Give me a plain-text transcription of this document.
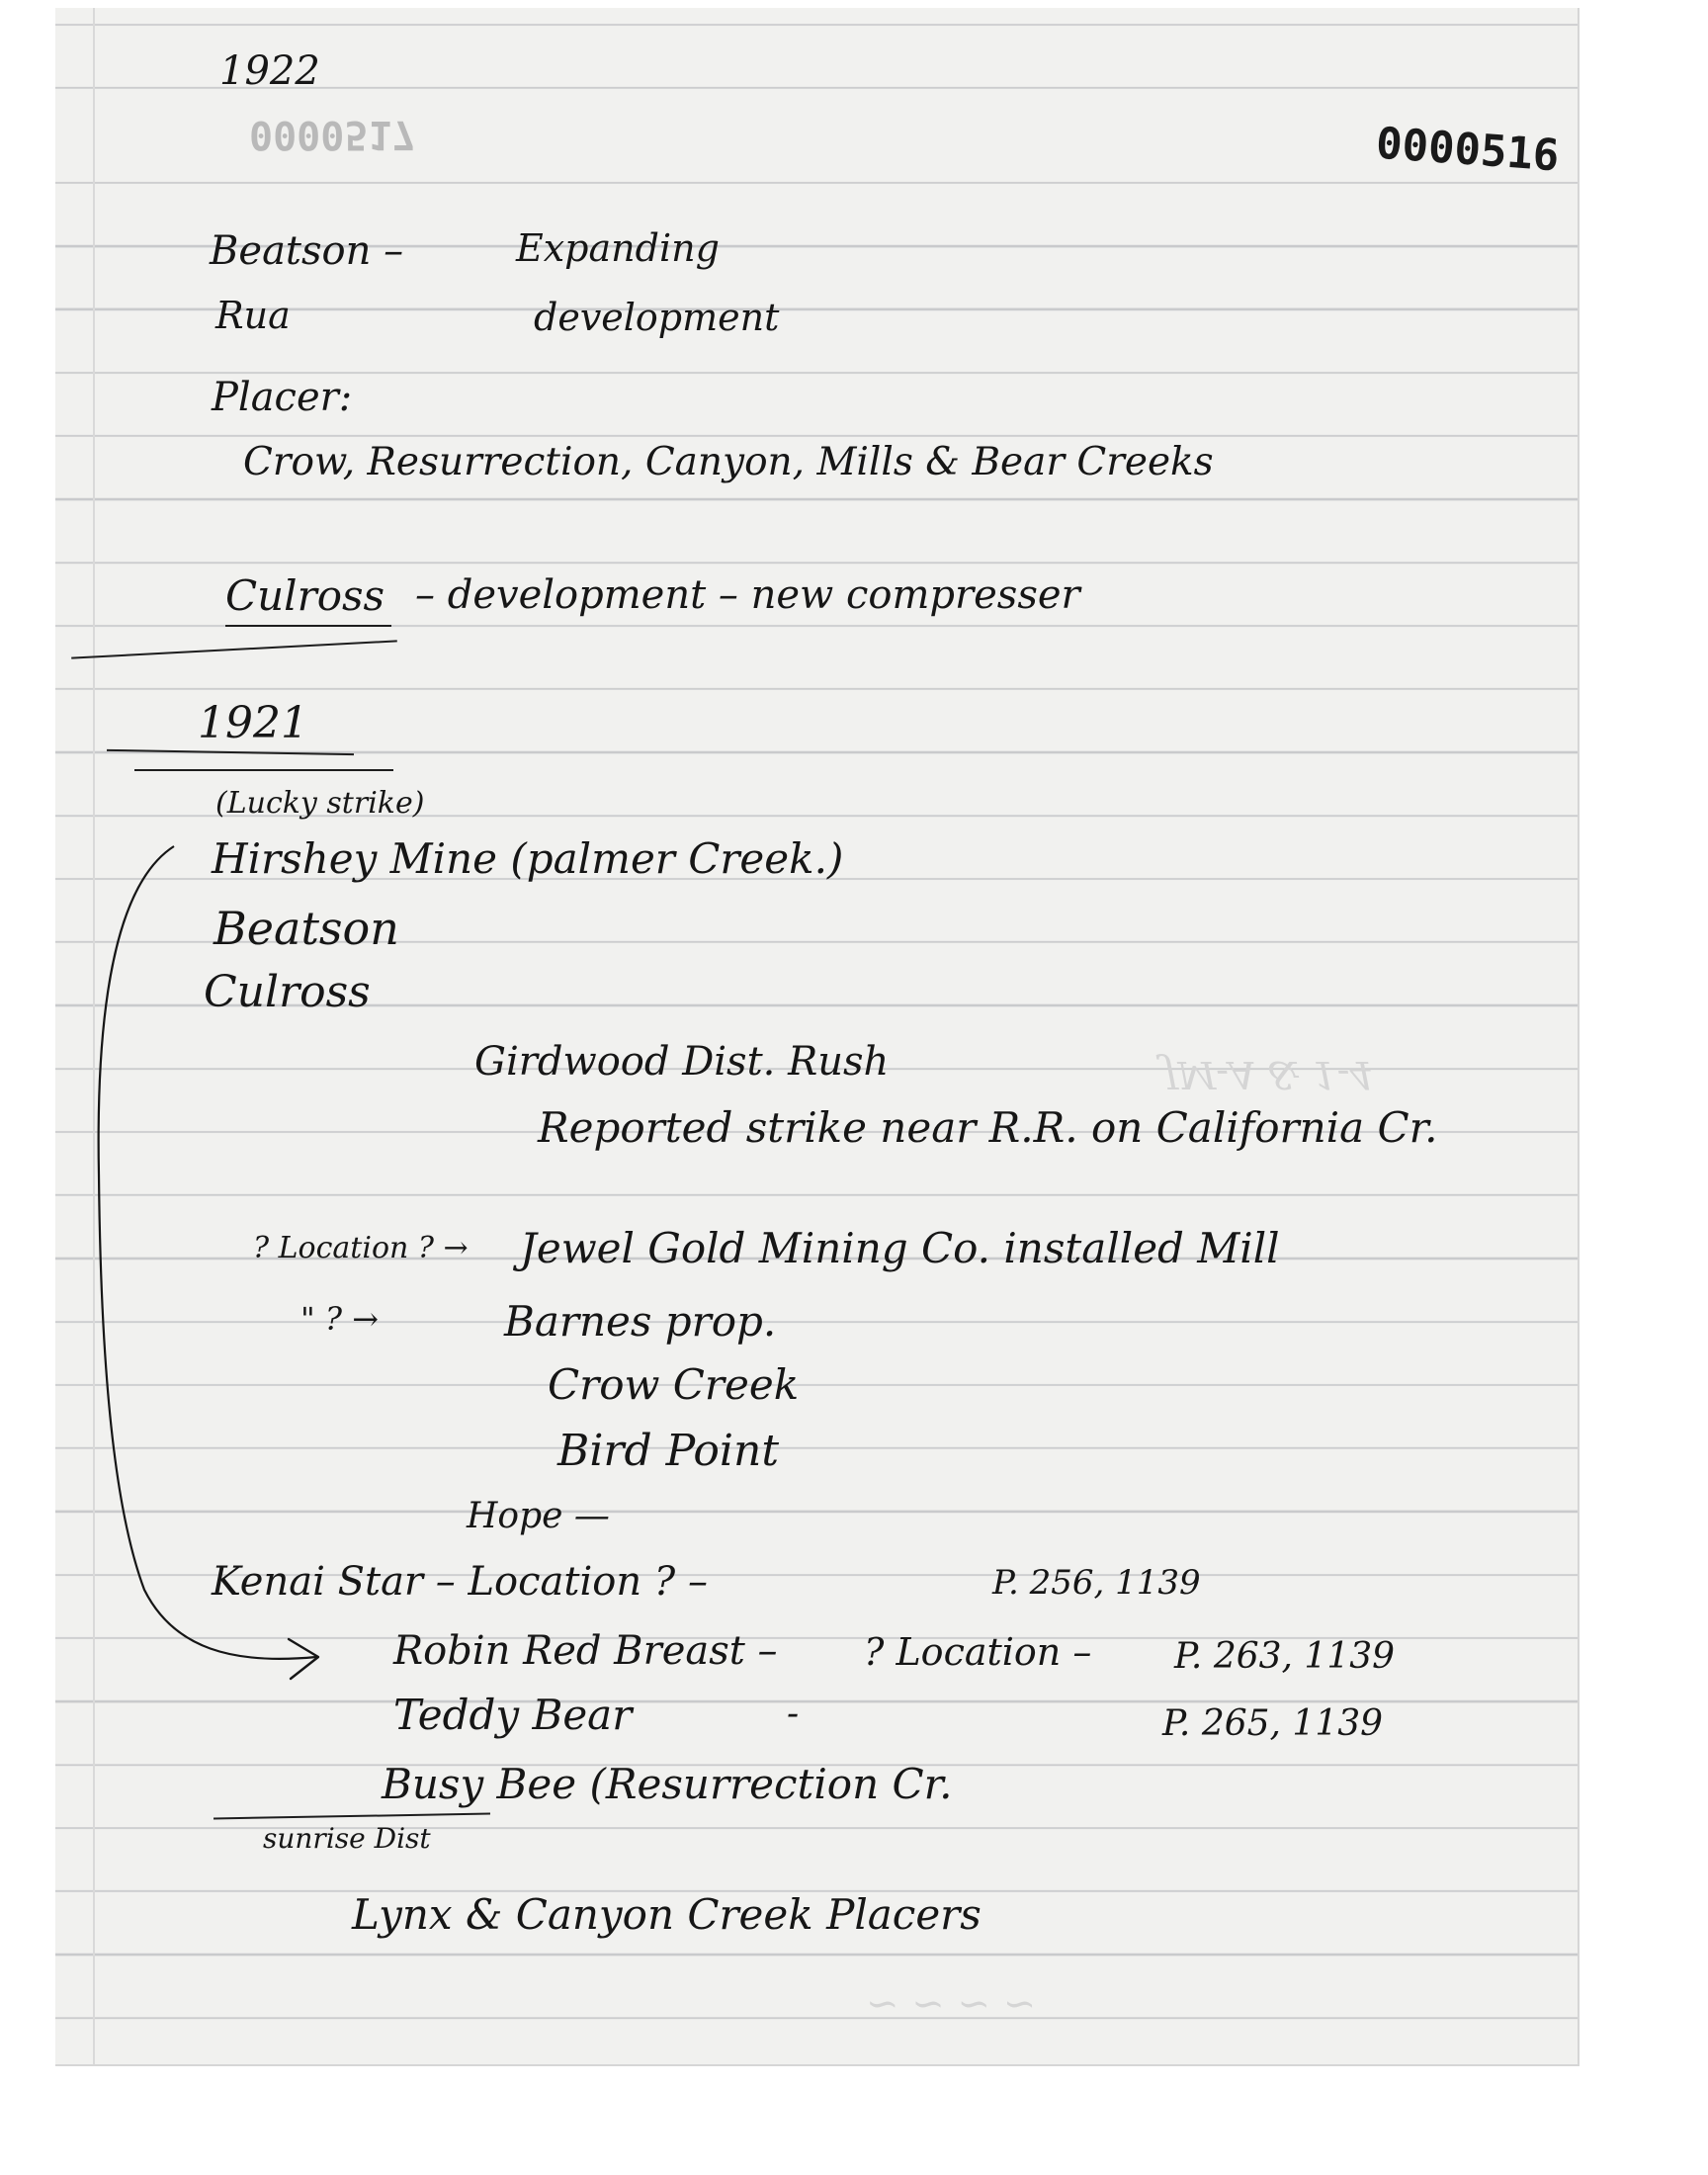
JM-A & 1-4
~ ~ ~ ~
1922
0000517	0000516
Beatson –	Expanding
Rua	development
Placer:
Crow, Resurrection, Canyon, Mills & Bear Creeks
Culross – development – new compresser
1921
(Lucky strike)
Hirshey Mine (palmer Creek.)
Beatson
Culross
Girdwood Dist. Rush
Reported strike near R.R. on California Cr.
? Location ? → Jewel Gold Mining Co. installed Mill
" ? →	Barnes prop.
Crow Creek
Bird Point
Hope —
Kenai Star – Location ? –	P. 256, 1139
Robin Red Breast – ? Location – P. 263, 1139
Teddy Bear	-	P. 265, 1139
Busy Bee (Resurrection Cr.
sunrise Dist
Lynx & Canyon Creek Placers
